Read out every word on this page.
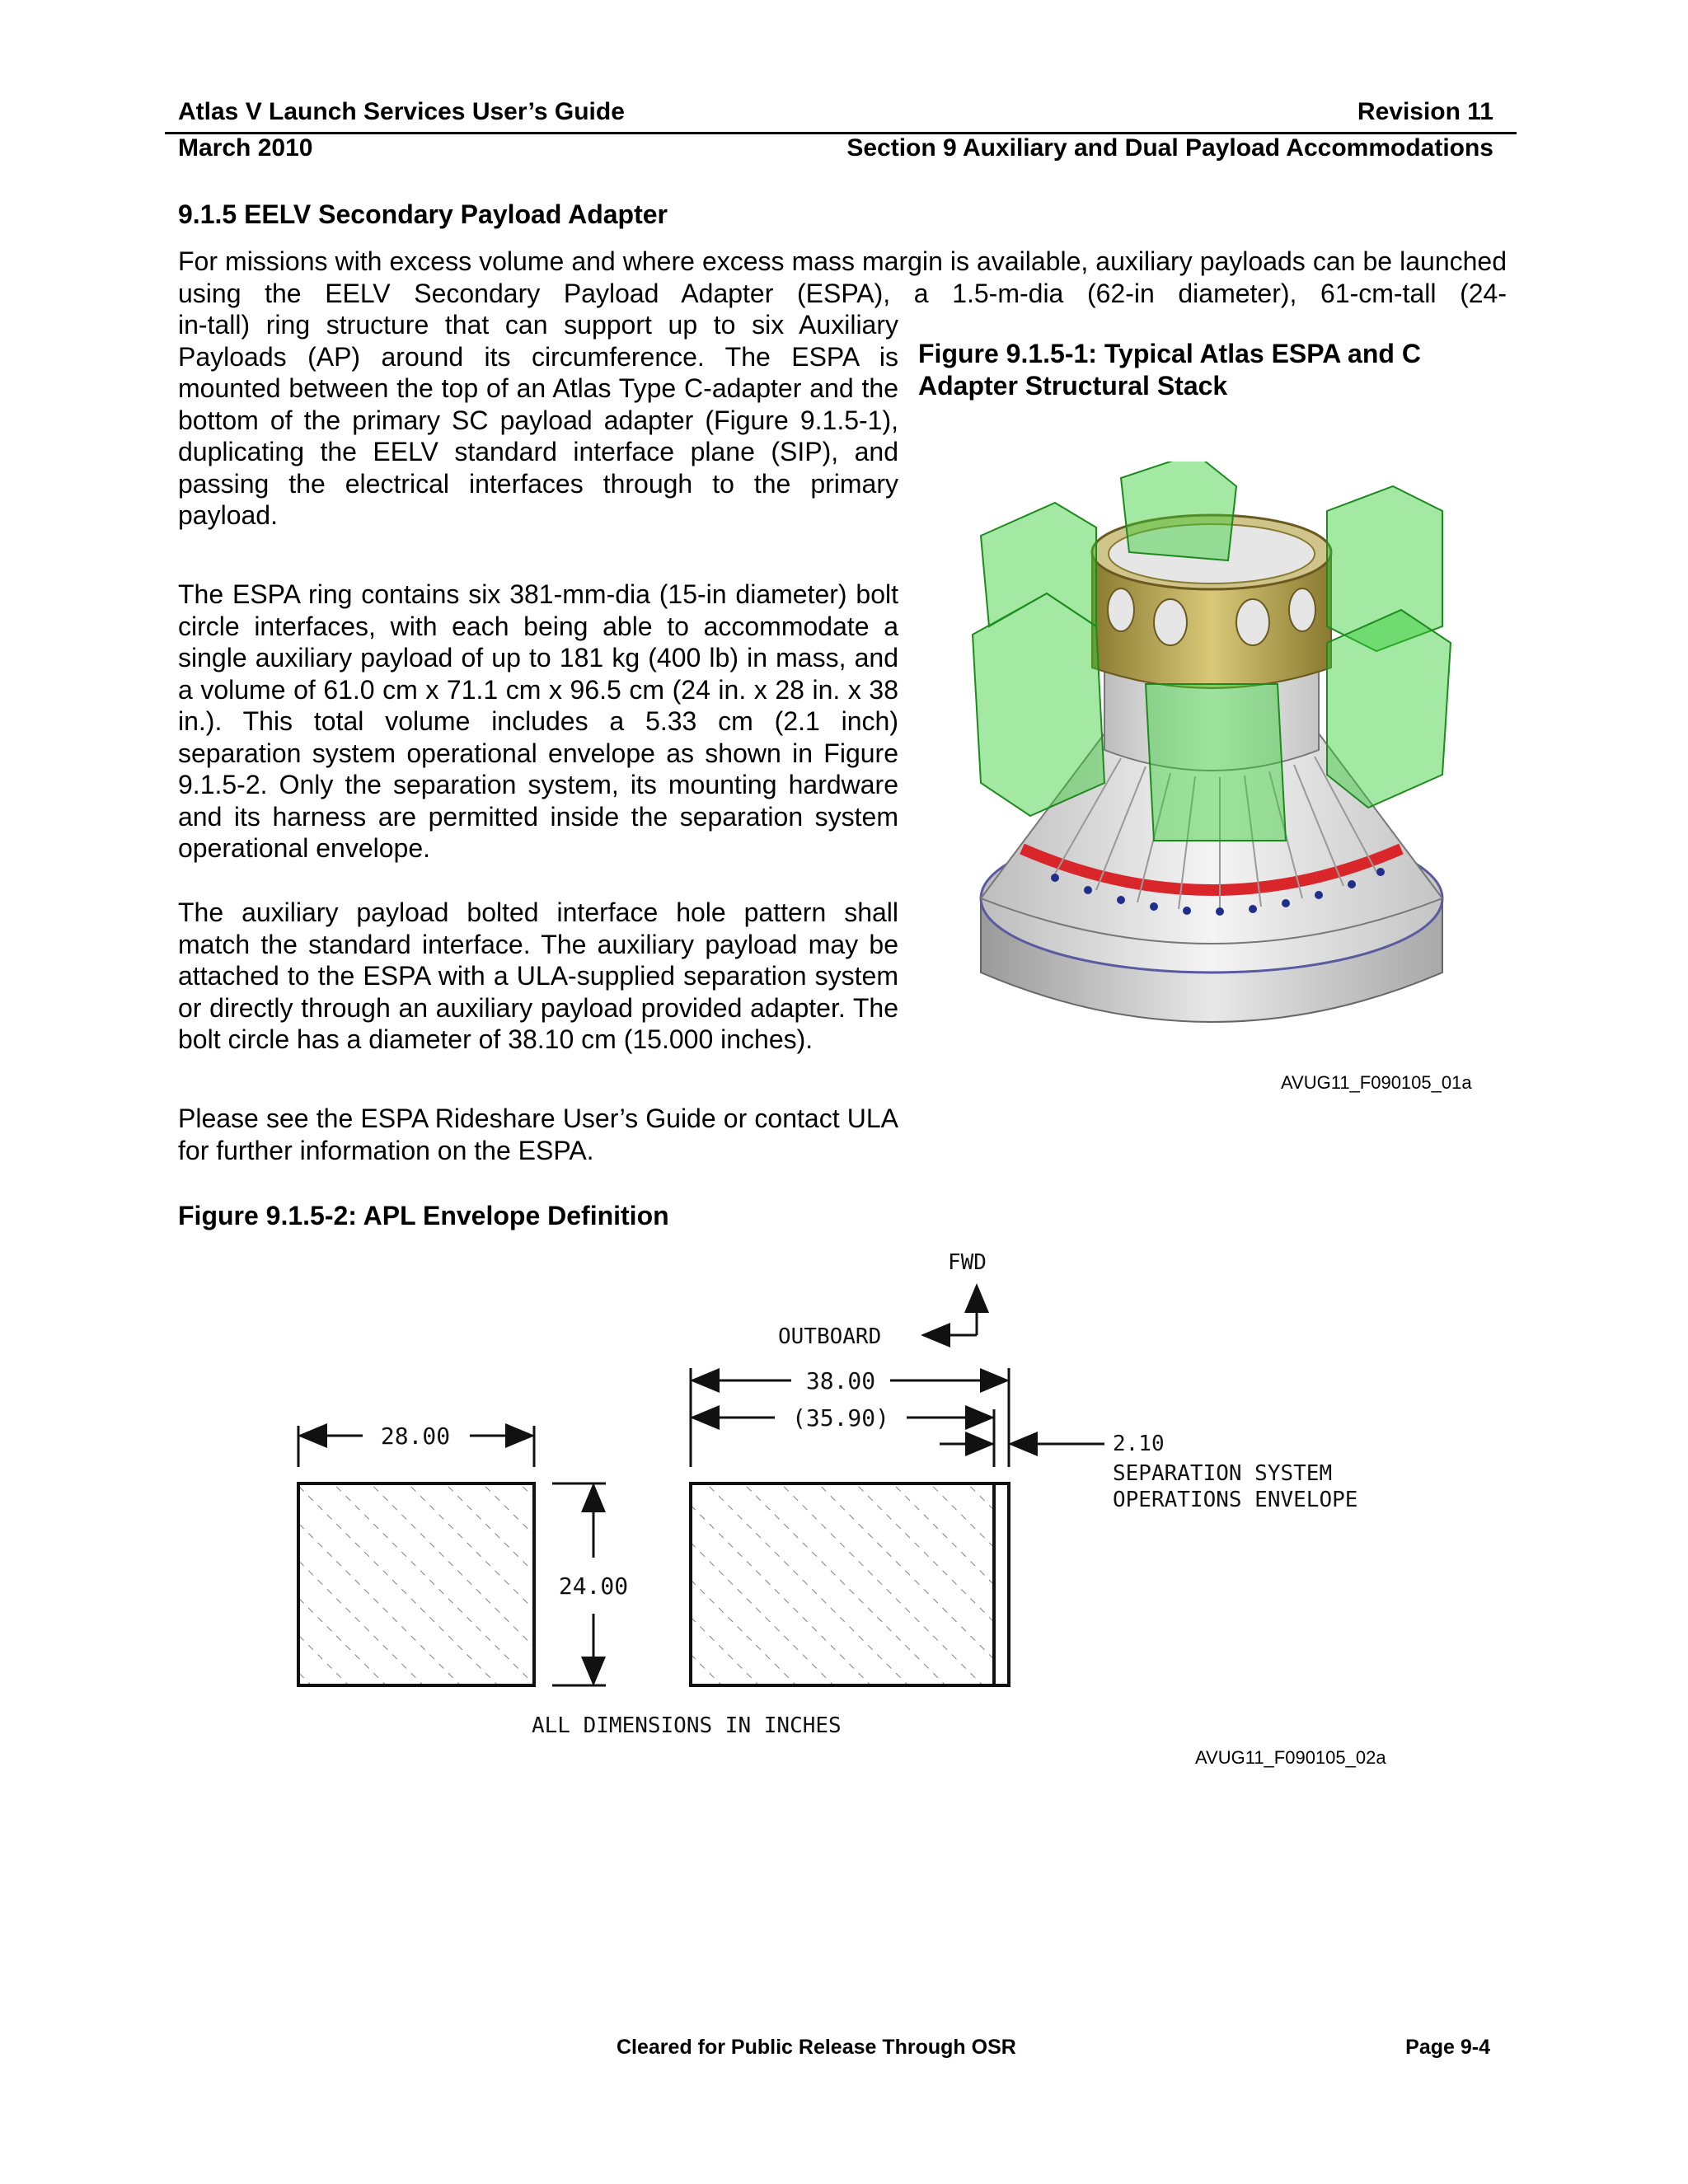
Atlas V Launch Services User’s Guide	Revision 11
March 2010	Section 9 Auxiliary and Dual Payload Accommodations
9.1.5 EELV Secondary Payload Adapter

For missions with excess volume and where excess mass margin is available, auxiliary payloads can be launched using the EELV Secondary Payload Adapter (ESPA), a 1.5-m-dia (62-in diameter), 61-cm-tall (24-

in-tall) ring structure that can support up to six Auxiliary Payloads (AP) around its circumference. The ESPA is mounted between the top of an Atlas Type C-adapter and the bottom of the primary SC payload adapter (Figure 9.1.5-1), duplicating the EELV standard interface plane (SIP), and passing the electrical interfaces through to the primary payload.

The ESPA ring contains six 381-mm-dia (15-in diameter) bolt circle interfaces, with each being able to accommodate a single auxiliary payload of up to 181 kg (400 lb) in mass, and a volume of 61.0 cm x 71.1 cm x 96.5 cm (24 in. x 28 in. x 38 in.). This total volume includes a 5.33 cm (2.1 inch) separation system operational envelope as shown in Figure 9.1.5-2. Only the separation system, its mounting hardware and its harness are permitted inside the separation system operational envelope.

The auxiliary payload bolted interface hole pattern shall match the standard interface. The auxiliary payload may be attached to the ESPA with a ULA-supplied separation system or directly through an auxiliary payload provided adapter. The bolt circle has a diameter of 38.10 cm (15.000 inches).

Please see the ESPA Rideshare User’s Guide or contact ULA for further information on the ESPA.

Figure 9.1.5-1: Typical Atlas ESPA and C Adapter Structural Stack
AVUG11_F090105_01a
Figure 9.1.5-2: APL Envelope Definition
FWD
OUTBOARD
28.00
24.00
38.00
(35.90)
2.10
SEPARATION SYSTEM
OPERATIONS ENVELOPE
ALL DIMENSIONS IN INCHES
AVUG11_F090105_02a
Cleared for Public Release Through OSR	Page 9-4
